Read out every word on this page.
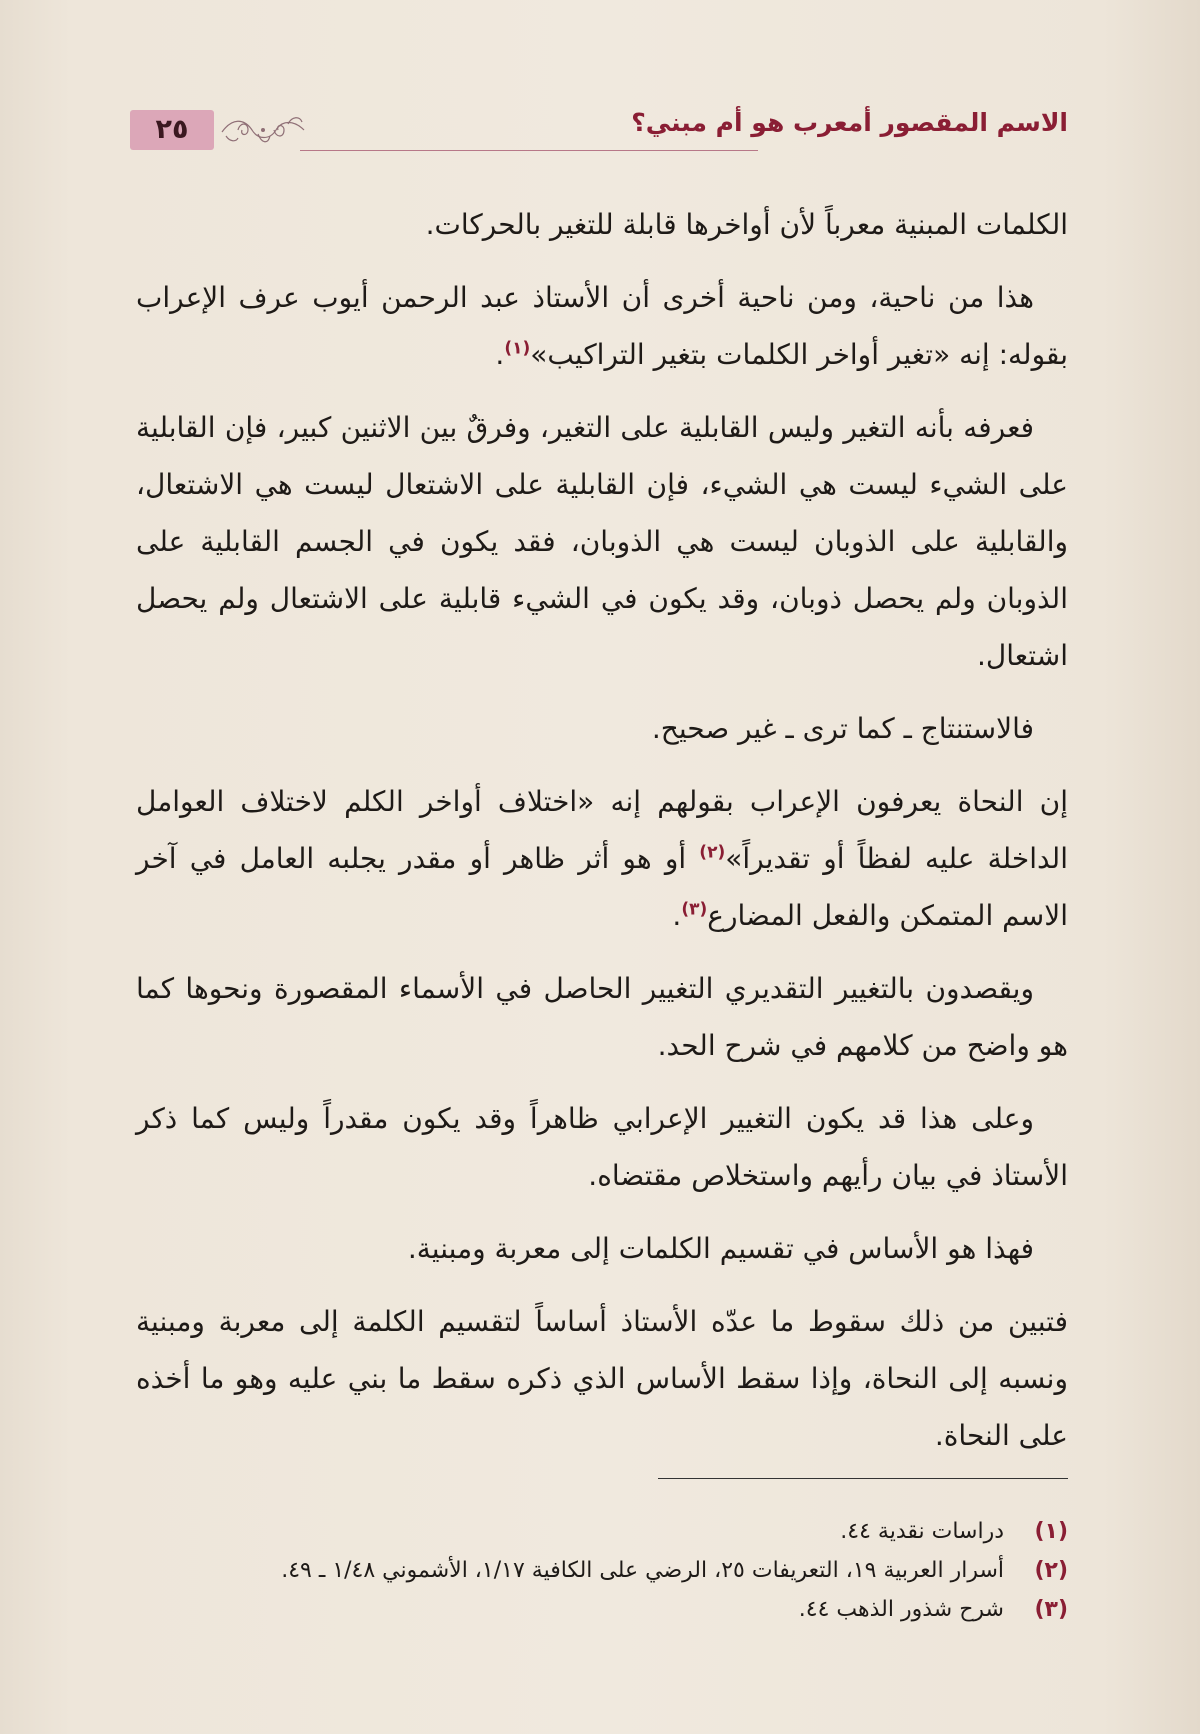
الاسم المقصور أمعرب هو أم مبني؟
٢٥

الكلمات المبنية معرباً لأن أواخرها قابلة للتغير بالحركات.

هذا من ناحية، ومن ناحية أخرى أن الأستاذ عبد الرحمن أيوب عرف الإعراب بقوله: إنه «تغير أواخر الكلمات بتغير التراكيب»$^{(١)}$.

فعرفه بأنه التغير وليس القابلية على التغير، وفرقٌ بين الاثنين كبير، فإن القابلية على الشيء ليست هي الشيء، فإن القابلية على الاشتعال ليست هي الاشتعال، والقابلية على الذوبان ليست هي الذوبان، فقد يكون في الجسم القابلية على الذوبان ولم يحصل ذوبان، وقد يكون في الشيء قابلية على الاشتعال ولم يحصل اشتعال.

فالاستنتاج ـ كما ترى ـ غير صحيح.

إن النحاة يعرفون الإعراب بقولهم إنه «اختلاف أواخر الكلم لاختلاف العوامل الداخلة عليه لفظاً أو تقديراً»$^{(٢)}$ أو هو أثر ظاهر أو مقدر يجلبه العامل في آخر الاسم المتمكن والفعل المضارع$^{(٣)}$.

ويقصدون بالتغيير التقديري التغيير الحاصل في الأسماء المقصورة ونحوها كما هو واضح من كلامهم في شرح الحد.

وعلى هذا قد يكون التغيير الإعرابي ظاهراً وقد يكون مقدراً وليس كما ذكر الأستاذ في بيان رأيهم واستخلاص مقتضاه.

فهذا هو الأساس في تقسيم الكلمات إلى معربة ومبنية.

فتبين من ذلك سقوط ما عدّه الأستاذ أساساً لتقسيم الكلمة إلى معربة ومبنية ونسبه إلى النحاة، وإذا سقط الأساس الذي ذكره سقط ما بني عليه وهو ما أخذه على النحاة.

(١)
دراسات نقدية ٤٤.
(٢)
أسرار العربية ١٩، التعريفات ٢٥، الرضي على الكافية ١/١٧، الأشموني ١/٤٨ ـ ٤٩.
(٣)
شرح شذور الذهب ٤٤.
